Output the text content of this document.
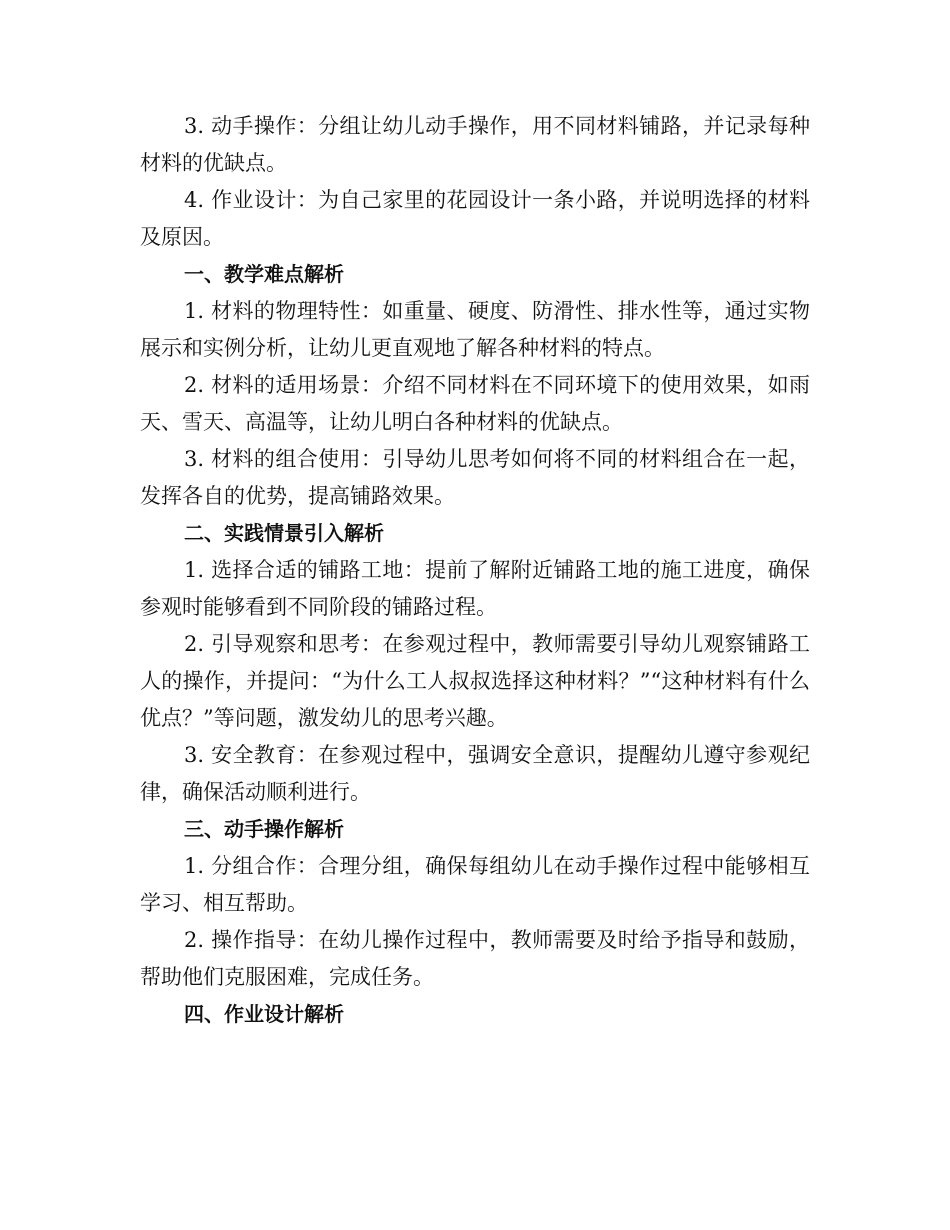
3. 动手操作：分组让幼儿动手操作，用不同材料铺路，并记录每种材料的优缺点。

4. 作业设计：为自己家里的花园设计一条小路，并说明选择的材料及原因。

一、教学难点解析

1. 材料的物理特性：如重量、硬度、防滑性、排水性等，通过实物展示和实例分析，让幼儿更直观地了解各种材料的特点。

2. 材料的适用场景：介绍不同材料在不同环境下的使用效果，如雨天、雪天、高温等，让幼儿明白各种材料的优缺点。

3. 材料的组合使用：引导幼儿思考如何将不同的材料组合在一起，发挥各自的优势，提高铺路效果。

二、实践情景引入解析

1. 选择合适的铺路工地：提前了解附近铺路工地的施工进度，确保参观时能够看到不同阶段的铺路过程。

2. 引导观察和思考：在参观过程中，教师需要引导幼儿观察铺路工人的操作，并提问：“为什么工人叔叔选择这种材料？”“这种材料有什么优点？”等问题，激发幼儿的思考兴趣。

3. 安全教育：在参观过程中，强调安全意识，提醒幼儿遵守参观纪律，确保活动顺利进行。

三、动手操作解析

1. 分组合作：合理分组，确保每组幼儿在动手操作过程中能够相互学习、相互帮助。

2. 操作指导：在幼儿操作过程中，教师需要及时给予指导和鼓励，帮助他们克服困难，完成任务。

四、作业设计解析
